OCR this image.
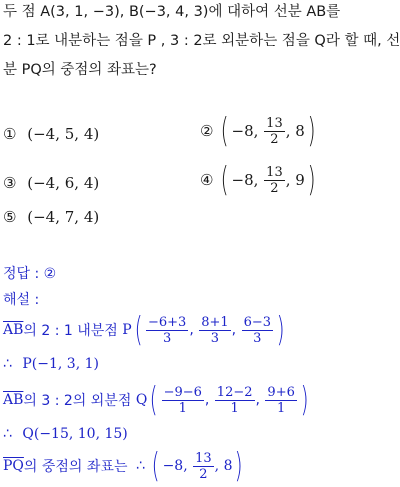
두 점 A(3, 1, −3), B(−3, 4, 3)에 대하여 선분 AB를
2 : 1로 내분하는 점을 P , 3 : 2로 외분하는 점을 Q라 할 때, 선
분 PQ의 중점의 좌표는?
① (−4, 5, 4)	② ( −8, $\frac{13}{2}$ , 8)
③ (−4, 6, 4)	④ ( −8, $\frac{13}{2}$ , 9)
⑤ (−4, 7, 4)
정답 : ②
해설 :
$\overline{AB}$의 2 : 1 내분점 $P( \frac{-6+3}{3}$ , $\frac{8+1}{3}$ , $\frac{6-3}{3}$ )
∴ P(−1, 3, 1)
$\overline{AB}$의 3 : 2의 외분점 $Q( \frac{-9-6}{1}$ , $\frac{12-2}{1}$ , $\frac{9+6}{1}$ )
∴ Q(−15, 10, 15)
$\overline{PQ}$의 중점의 좌표는 ∴ ( −8, $\frac{13}{2}$ , 8)
